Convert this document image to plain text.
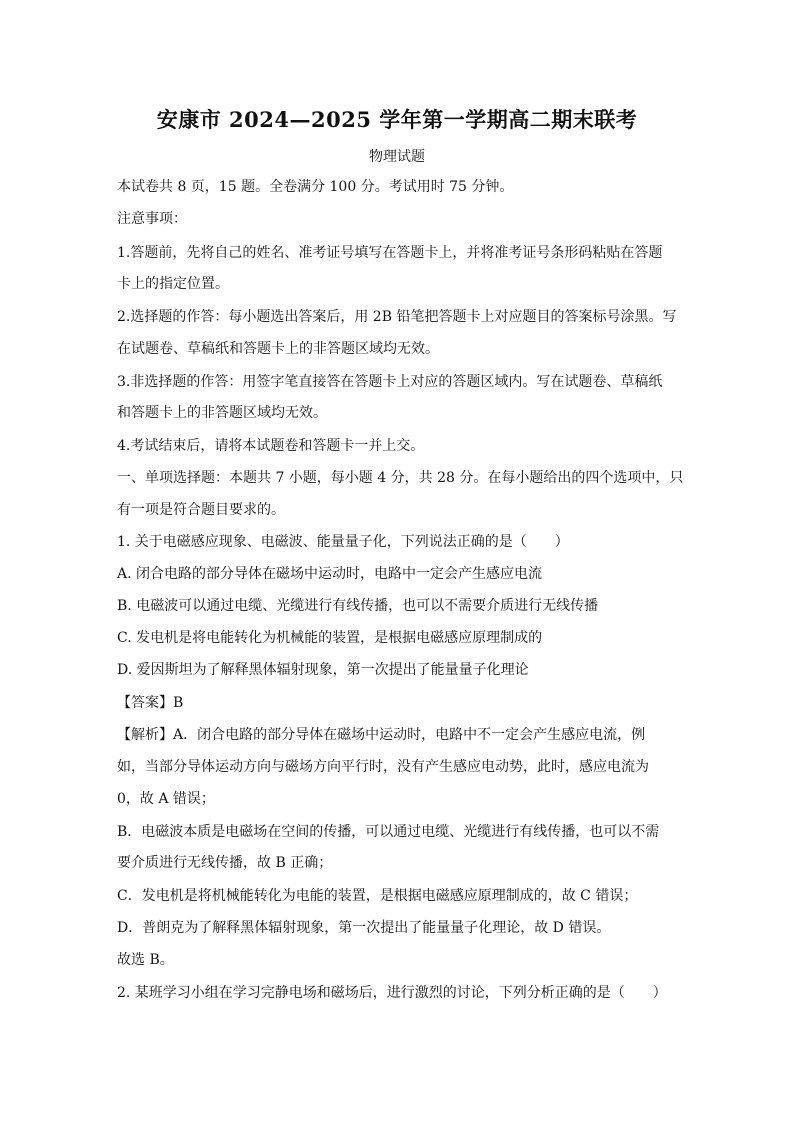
安康市 2024—2025 学年第一学期高二期末联考
物理试题
本试卷共 8 页，15 题。全卷满分 100 分。考试用时 75 分钟。
注意事项：
1.答题前，先将自己的姓名、准考证号填写在答题卡上，并将准考证号条形码粘贴在答题
卡上的指定位置。
2.选择题的作答：每小题选出答案后，用 2B 铅笔把答题卡上对应题目的答案标号涂黑。写
在试题卷、草稿纸和答题卡上的非答题区域均无效。
3.非选择题的作答：用签字笔直接答在答题卡上对应的答题区域内。写在试题卷、草稿纸
和答题卡上的非答题区域均无效。
4.考试结束后，请将本试题卷和答题卡一并上交。
一、单项选择题：本题共 7 小题，每小题 4 分，共 28 分。在每小题给出的四个选项中，只
有一项是符合题目要求的。
1. 关于电磁感应现象、电磁波、能量量子化，下列说法正确的是（　　）
A. 闭合电路的部分导体在磁场中运动时，电路中一定会产生感应电流
B. 电磁波可以通过电缆、光缆进行有线传播，也可以不需要介质进行无线传播
C. 发电机是将电能转化为机械能的装置，是根据电磁感应原理制成的
D. 爱因斯坦为了解释黑体辐射现象，第一次提出了能量量子化理论
【答案】B
【解析】A．闭合电路的部分导体在磁场中运动时，电路中不一定会产生感应电流，例
如，当部分导体运动方向与磁场方向平行时，没有产生感应电动势，此时，感应电流为
0，故 A 错误；
B．电磁波本质是电磁场在空间的传播，可以通过电缆、光缆进行有线传播，也可以不需
要介质进行无线传播，故 B 正确；
C．发电机是将机械能转化为电能的装置，是根据电磁感应原理制成的，故 C 错误；
D．普朗克为了解释黑体辐射现象，第一次提出了能量量子化理论，故 D 错误。
故选 B。
2. 某班学习小组在学习完静电场和磁场后，进行激烈的讨论，下列分析正确的是（　　）
